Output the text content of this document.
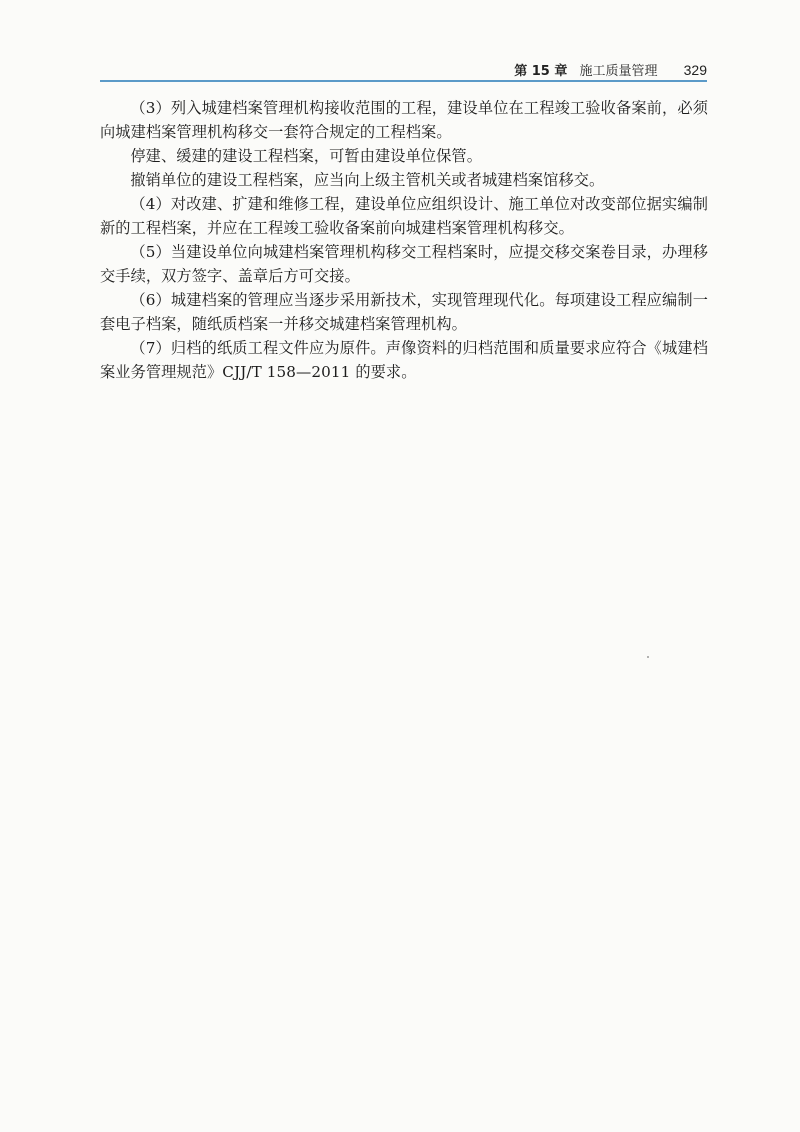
第 15 章 施工质量管理 329

（3）列入城建档案管理机构接收范围的工程，建设单位在工程竣工验收备案前，必须向城建档案管理机构移交一套符合规定的工程档案。

停建、缓建的建设工程档案，可暂由建设单位保管。

撤销单位的建设工程档案，应当向上级主管机关或者城建档案馆移交。

（4）对改建、扩建和维修工程，建设单位应组织设计、施工单位对改变部位据实编制新的工程档案，并应在工程竣工验收备案前向城建档案管理机构移交。

（5）当建设单位向城建档案管理机构移交工程档案时，应提交移交案卷目录，办理移交手续，双方签字、盖章后方可交接。

（6）城建档案的管理应当逐步采用新技术，实现管理现代化。每项建设工程应编制一套电子档案，随纸质档案一并移交城建档案管理机构。

（7）归档的纸质工程文件应为原件。声像资料的归档范围和质量要求应符合《城建档案业务管理规范》CJJ/T 158—2011 的要求。
